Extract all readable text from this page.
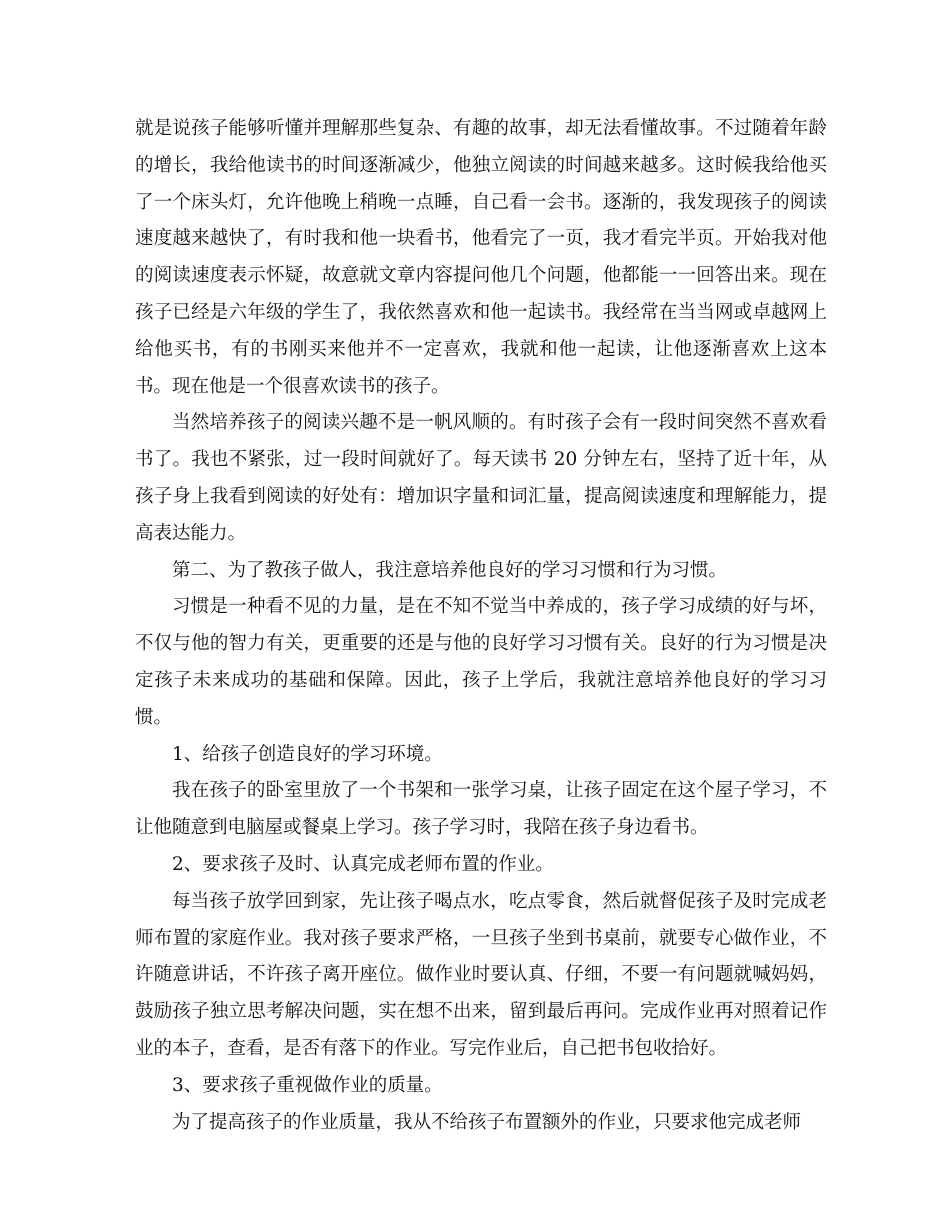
就是说孩子能够听懂并理解那些复杂、有趣的故事，却无法看懂故事。不过随着年龄的增长，我给他读书的时间逐渐减少，他独立阅读的时间越来越多。这时候我给他买了一个床头灯，允许他晚上稍晚一点睡，自己看一会书。逐渐的，我发现孩子的阅读速度越来越快了，有时我和他一块看书，他看完了一页，我才看完半页。开始我对他的阅读速度表示怀疑，故意就文章内容提问他几个问题，他都能一一回答出来。现在孩子已经是六年级的学生了，我依然喜欢和他一起读书。我经常在当当网或卓越网上给他买书，有的书刚买来他并不一定喜欢，我就和他一起读，让他逐渐喜欢上这本书。现在他是一个很喜欢读书的孩子。

当然培养孩子的阅读兴趣不是一帆风顺的。有时孩子会有一段时间突然不喜欢看书了。我也不紧张，过一段时间就好了。每天读书 20 分钟左右，坚持了近十年，从孩子身上我看到阅读的好处有：增加识字量和词汇量，提高阅读速度和理解能力，提高表达能力。

第二、为了教孩子做人，我注意培养他良好的学习习惯和行为习惯。

习惯是一种看不见的力量，是在不知不觉当中养成的，孩子学习成绩的好与坏，不仅与他的智力有关，更重要的还是与他的良好学习习惯有关。良好的行为习惯是决定孩子未来成功的基础和保障。因此，孩子上学后，我就注意培养他良好的学习习惯。

1、给孩子创造良好的学习环境。

我在孩子的卧室里放了一个书架和一张学习桌，让孩子固定在这个屋子学习，不让他随意到电脑屋或餐桌上学习。孩子学习时，我陪在孩子身边看书。

2、要求孩子及时、认真完成老师布置的作业。

每当孩子放学回到家，先让孩子喝点水，吃点零食，然后就督促孩子及时完成老师布置的家庭作业。我对孩子要求严格，一旦孩子坐到书桌前，就要专心做作业，不许随意讲话，不许孩子离开座位。做作业时要认真、仔细，不要一有问题就喊妈妈，鼓励孩子独立思考解决问题，实在想不出来，留到最后再问。完成作业再对照着记作业的本子，查看，是否有落下的作业。写完作业后，自己把书包收拾好。

3、要求孩子重视做作业的质量。

为了提高孩子的作业质量，我从不给孩子布置额外的作业，只要求他完成老师
